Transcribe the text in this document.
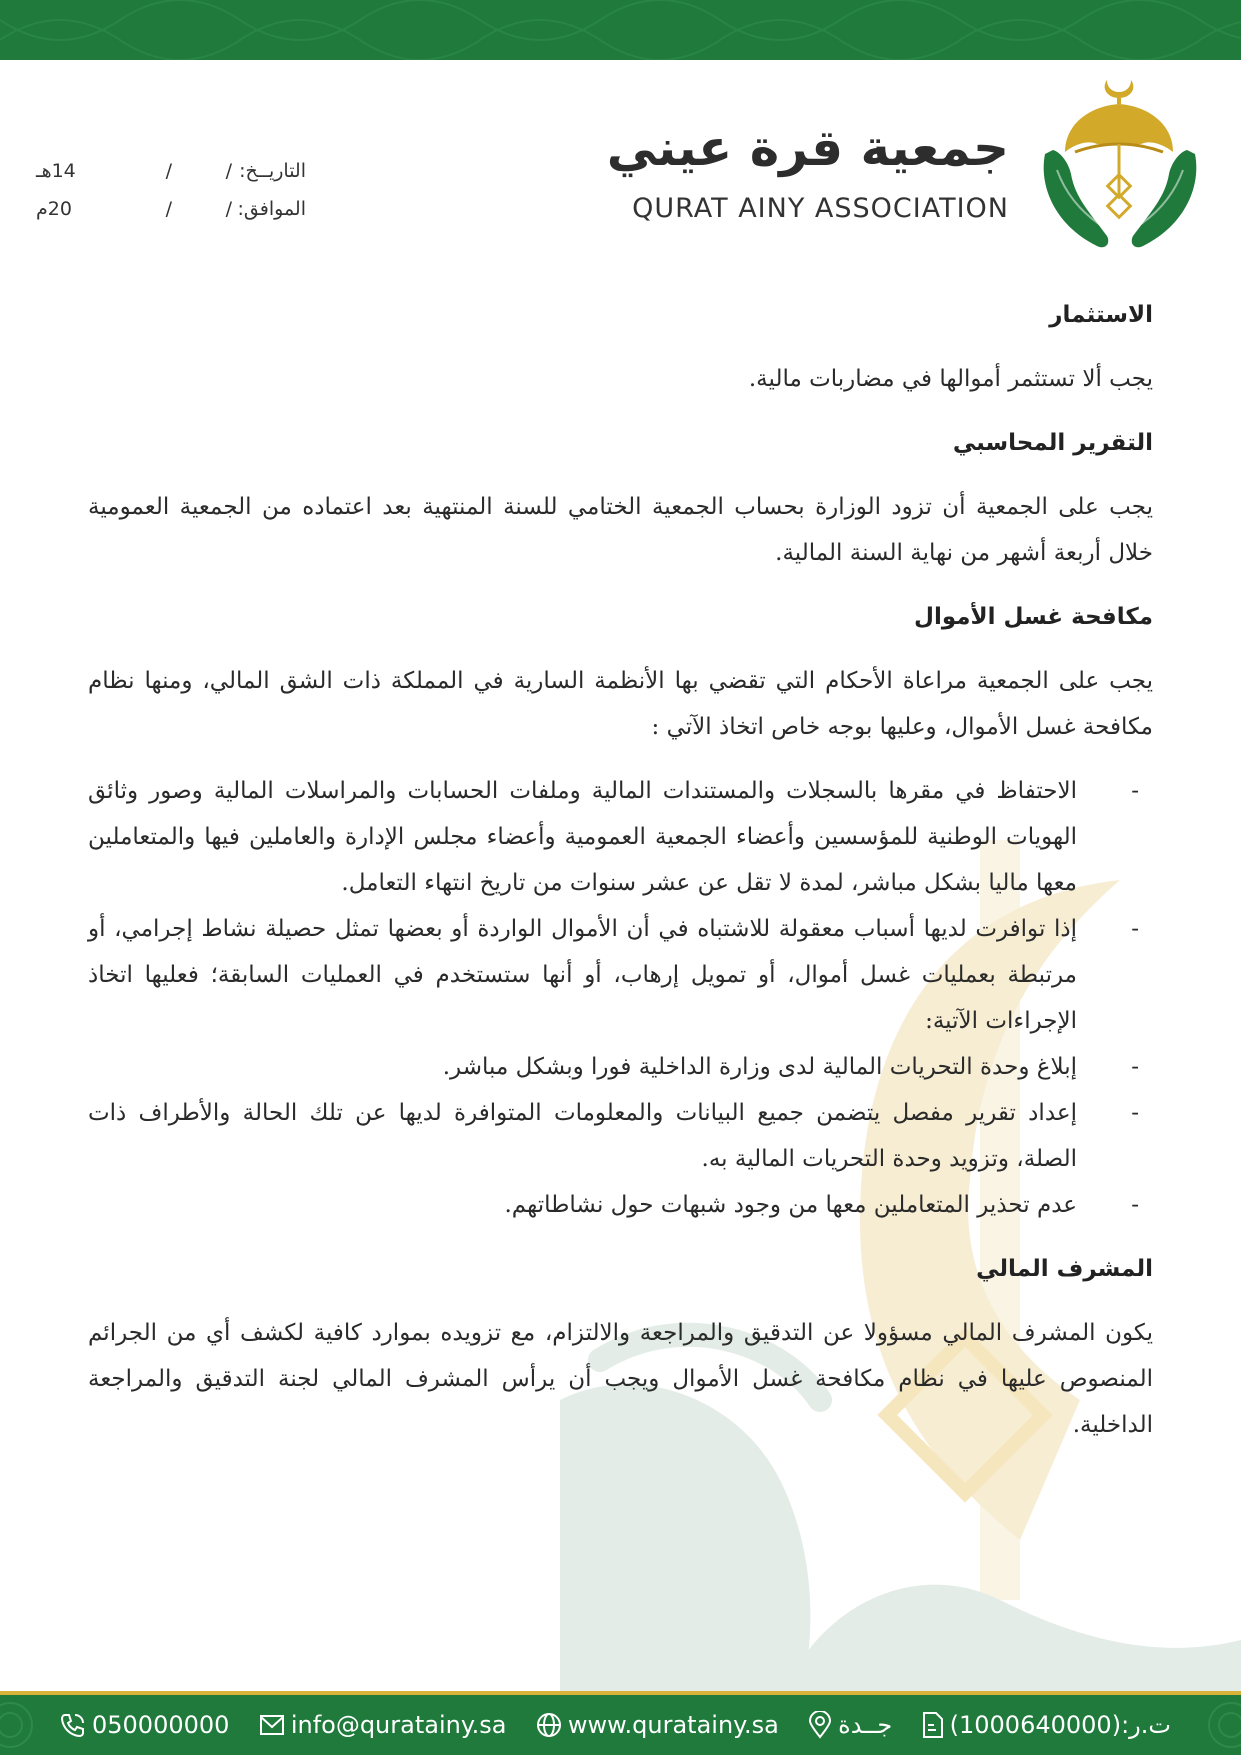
جمعية قرة عيني
QURAT AINY ASSOCIATION
التاريــخ:
/
/
14هـ
الموافق:
/
/
20م
الاستثمار

يجب ألا تستثمر أموالها في مضاربات مالية.

التقرير المحاسبي

يجب على الجمعية أن تزود الوزارة بحساب الجمعية الختامي للسنة المنتهية بعد اعتماده من الجمعية العمومية خلال أربعة أشهر من نهاية السنة المالية.

مكافحة غسل الأموال

يجب على الجمعية مراعاة الأحكام التي تقضي بها الأنظمة السارية في المملكة ذات الشق المالي، ومنها نظام مكافحة غسل الأموال، وعليها بوجه خاص اتخاذ الآتي :

- الاحتفاظ في مقرها بالسجلات والمستندات المالية وملفات الحسابات والمراسلات المالية وصور وثائق الهويات الوطنية للمؤسسين وأعضاء الجمعية العمومية وأعضاء مجلس الإدارة والعاملين فيها والمتعاملين معها ماليا بشكل مباشر، لمدة لا تقل عن عشر سنوات من تاريخ انتهاء التعامل.
- إذا توافرت لديها أسباب معقولة للاشتباه في أن الأموال الواردة أو بعضها تمثل حصيلة نشاط إجرامي، أو مرتبطة بعمليات غسل أموال، أو تمويل إرهاب، أو أنها ستستخدم في العمليات السابقة؛ فعليها اتخاذ الإجراءات الآتية:
- إبلاغ وحدة التحريات المالية لدى وزارة الداخلية فورا وبشكل مباشر.
- إعداد تقرير مفصل يتضمن جميع البيانات والمعلومات المتوافرة لديها عن تلك الحالة والأطراف ذات الصلة، وتزويد وحدة التحريات المالية به.
- عدم تحذير المتعاملين معها من وجود شبهات حول نشاطاتهم.
المشرف المالي

يكون المشرف المالي مسؤولا عن التدقيق والمراجعة والالتزام، مع تزويده بموارد كافية لكشف أي من الجرائم المنصوص عليها في نظام مكافحة غسل الأموال ويجب أن يرأس المشرف المالي لجنة التدقيق والمراجعة الداخلية.

ت.ر:(1000640000)
جــدة
www.quratainy.sa
info@quratainy.sa
050000000
